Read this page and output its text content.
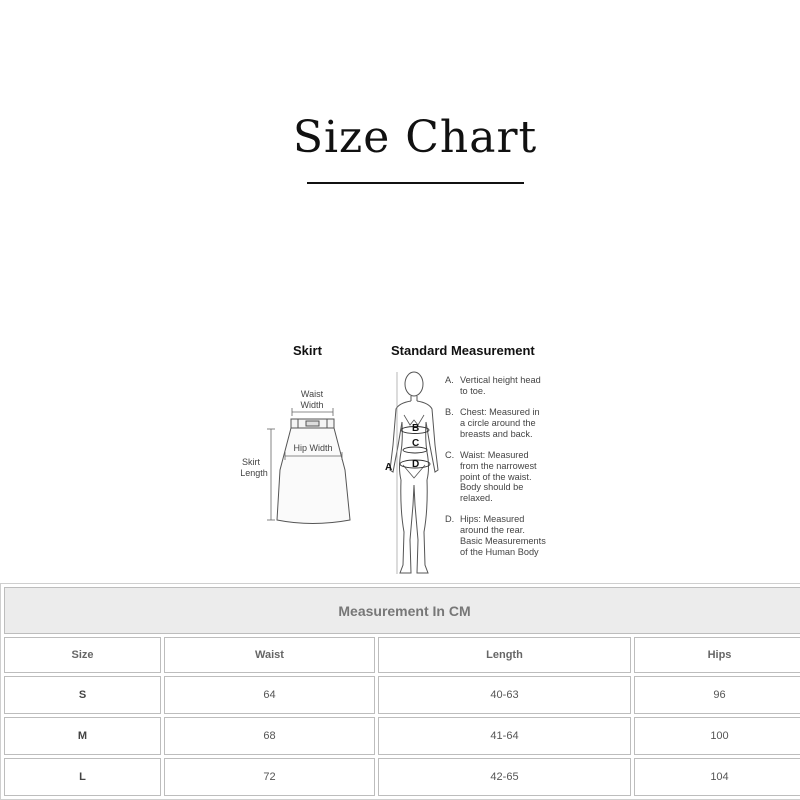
Size Chart
Skirt
Waist
Width
Hip Width
Skirt
Length
Standard Measurement
B
C
A D
A. Vertical height head
to toe.
B. Chest: Measured in
a circle around the
breasts and back.
C. Waist: Measured
from the narrowest
point of the waist.
Body should be
relaxed.
D. Hips: Measured
around the rear.
Basic Measurements
of the Human Body
Measurement In CM			
Size	Waist	Length	Hips
S	64	40-63	96
M	68	41-64	100
L	72	42-65	104
